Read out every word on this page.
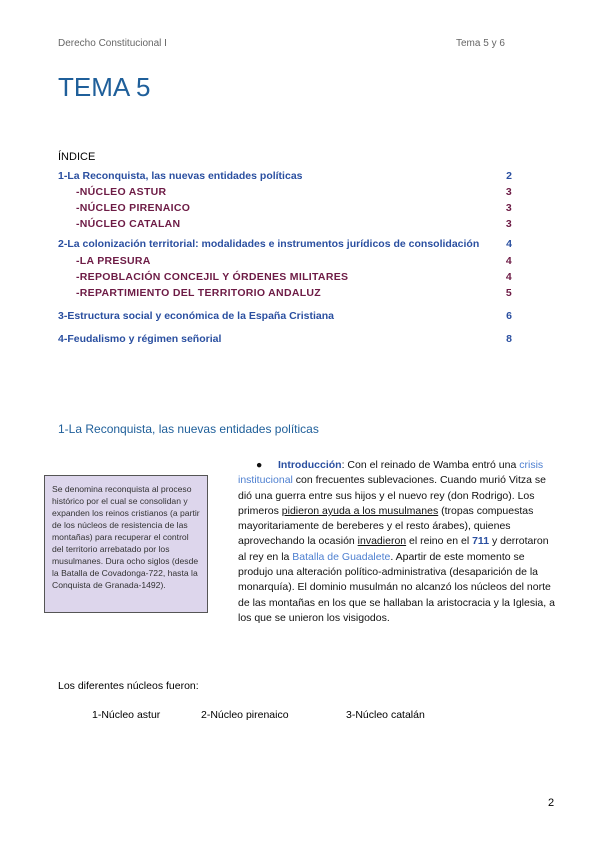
Derecho Constitucional I	Tema 5 y 6
TEMA 5
ÍNDICE
1-La Reconquista, las nuevas entidades políticas	2
-NÚCLEO ASTUR	3
-NÚCLEO PIRENAICO	3
-NÚCLEO CATALAN	3
2-La colonización territorial: modalidades e instrumentos jurídicos de consolidación	4
-LA PRESURA	4
-REPOBLACIÓN CONCEJIL Y ÓRDENES MILITARES	4
-REPARTIMIENTO DEL TERRITORIO ANDALUZ	5
3-Estructura social y económica de la España Cristiana	6
4-Feudalismo y régimen señorial	8
1-La Reconquista, las nuevas entidades políticas
Se denomina reconquista al proceso histórico por el cual se consolidan y expanden los reinos cristianos (a partir de los núcleos de resistencia de las montañas) para recuperar el control del territorio arrebatado por los musulmanes. Dura ocho siglos (desde la Batalla de Covadonga-722, hasta la Conquista de Granada-1492).
● Introducción: Con el reinado de Wamba entró una crisis institucional con frecuentes sublevaciones. Cuando murió Vitza se dió una guerra entre sus hijos y el nuevo rey (don Rodrigo). Los primeros pidieron ayuda a los musulmanes (tropas compuestas mayoritariamente de bereberes y el resto árabes), quienes aprovechando la ocasión invadieron el reino en el 711 y derrotaron al rey en la Batalla de Guadalete. Apartir de este momento se produjo una alteración político-administrativa (desaparición de la monarquía). El dominio musulmán no alcanzó los núcleos del norte de las montañas en los que se hallaban la aristocracia y la Iglesia, a los que se unieron los visigodos.
Los diferentes núcleos fueron:
1-Núcleo astur	2-Núcleo pirenaico	3-Núcleo catalán
2
